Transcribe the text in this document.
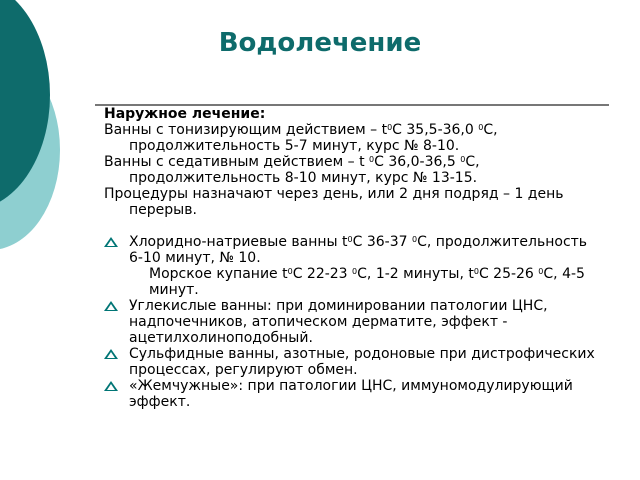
Водолечение

Наружное лечение:

Ванны с тонизирующим действием – $t^0С$ 35,5-36,0 $^0$С, продолжительность 5-7 минут, курс № 8-10.

Ванны с седативным действием – t $^0$С 36,0-36,5 $^0$С, продолжительность 8-10 минут, курс № 13-15.

Процедуры назначают через день, или 2 дня подряд – 1 день перерыв.

■ Хлоридно-натриевые ванны $t^0С$ 36-37 $^0$С, продолжительность 6-10 минут, № 10.

Морское купание $t^0С$ 22-23 $^0$С, 1-2 минуты, $t^0С$ 25-26 $^0$С, 4-5 минут.

■ Углекислые ванны: при доминировании патологии ЦНС, надпочечников, атопическом дерматите, эффект - ацетилхолиноподобный.

■ Сульфидные ванны, азотные, родоновые при дистрофических процессах, регулируют обмен.

■ «Жемчужные»: при патологии ЦНС, иммуномодулирующий эффект.
